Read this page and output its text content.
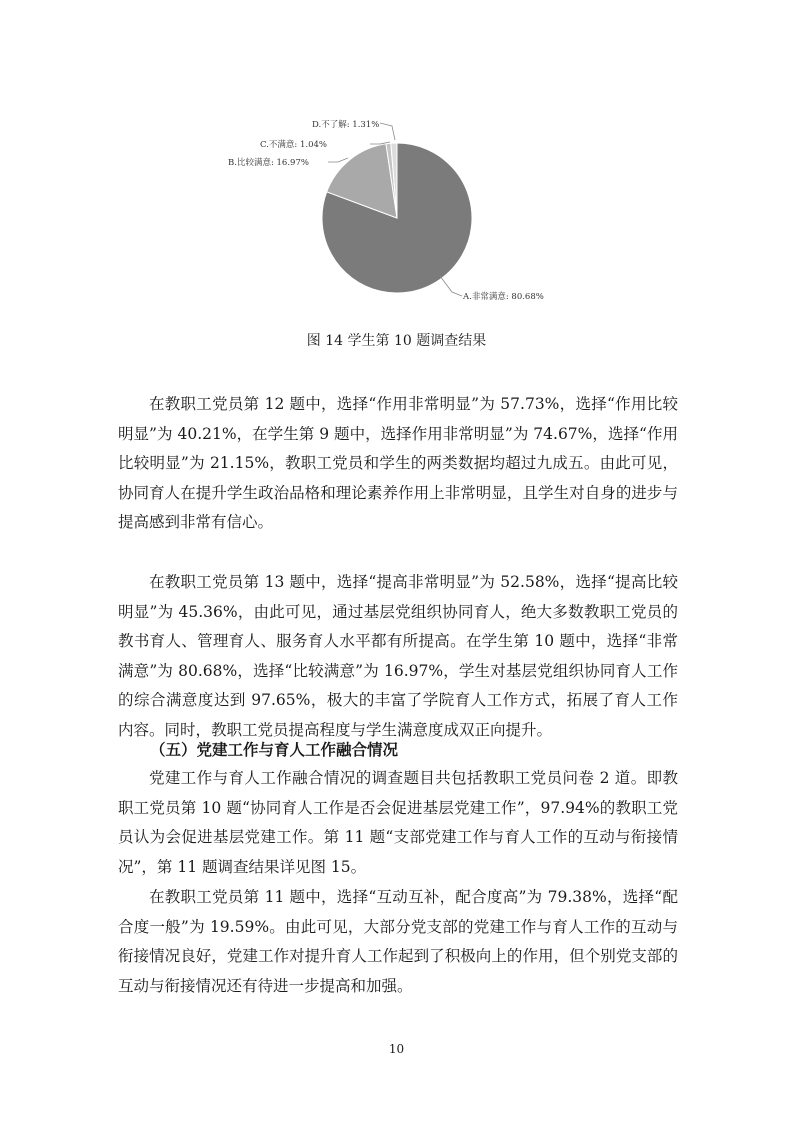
D.不了解: 1.31%
C.不满意: 1.04%
B.比较满意: 16.97%
A.非常满意: 80.68%
图 14 学生第 10 题调查结果

在教职工党员第 12 题中，选择“作用非常明显”为 57.73%，选择“作用比较明显”为 40.21%，在学生第 9 题中，选择作用非常明显”为 74.67%，选择“作用比较明显”为 21.15%，教职工党员和学生的两类数据均超过九成五。由此可见，协同育人在提升学生政治品格和理论素养作用上非常明显，且学生对自身的进步与提高感到非常有信心。

在教职工党员第 13 题中，选择“提高非常明显”为 52.58%，选择“提高比较明显”为 45.36%，由此可见，通过基层党组织协同育人，绝大多数教职工党员的教书育人、管理育人、服务育人水平都有所提高。在学生第 10 题中，选择“非常满意”为 80.68%，选择“比较满意”为 16.97%，学生对基层党组织协同育人工作的综合满意度达到 97.65%，极大的丰富了学院育人工作方式，拓展了育人工作内容。同时，教职工党员提高程度与学生满意度成双正向提升。

（五）党建工作与育人工作融合情况

党建工作与育人工作融合情况的调查题目共包括教职工党员问卷 2 道。即教职工党员第 10 题“协同育人工作是否会促进基层党建工作”，97.94%的教职工党员认为会促进基层党建工作。第 11 题“支部党建工作与育人工作的互动与衔接情况”，第 11 题调查结果详见图 15。

在教职工党员第 11 题中，选择“互动互补，配合度高”为 79.38%，选择“配合度一般”为 19.59%。由此可见，大部分党支部的党建工作与育人工作的互动与衔接情况良好，党建工作对提升育人工作起到了积极向上的作用，但个别党支部的互动与衔接情况还有待进一步提高和加强。

10
